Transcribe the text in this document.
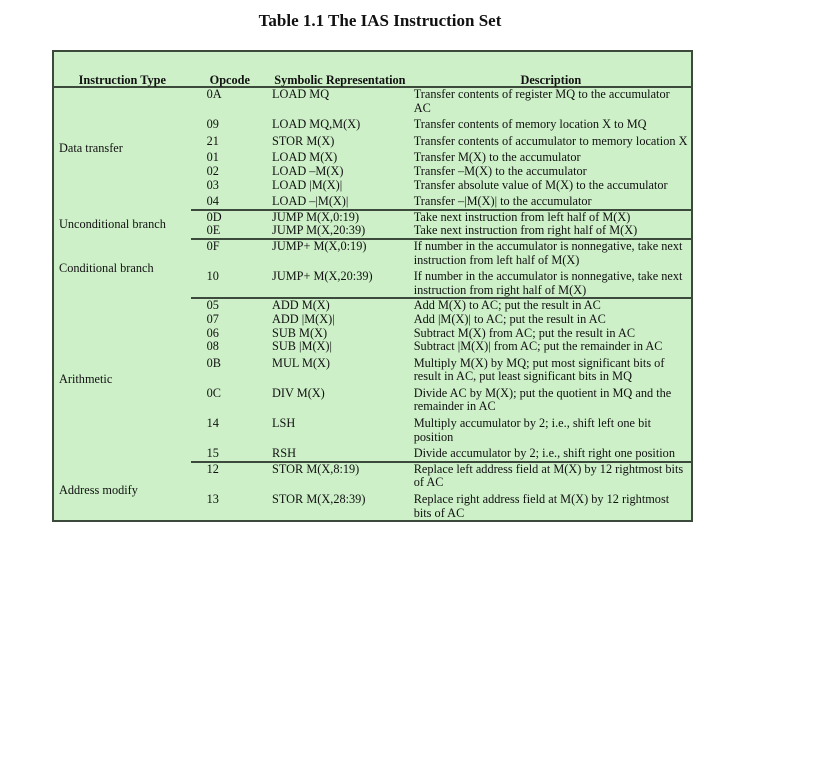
Table 1.1 The IAS Instruction Set
Instruction Type	Opcode	Symbolic Representation	Description
Data transfer	0A	LOAD MQ	Transfer contents of register MQ to the accumulator AC
	09	LOAD MQ,M(X)	Transfer contents of memory location X to MQ
	21	STOR M(X)	Transfer contents of accumulator to memory location X
	01	LOAD M(X)	Transfer M(X) to the accumulator
	02	LOAD –M(X)	Transfer –M(X) to the accumulator
	03	LOAD |M(X)|	Transfer absolute value of M(X) to the accumulator
	04	LOAD –|M(X)|	Transfer –|M(X)| to the accumulator
Unconditional branch	0D	JUMP M(X,0:19)	Take next instruction from left half of M(X)
	0E	JUMP M(X,20:39)	Take next instruction from right half of M(X)
Conditional branch	0F	JUMP+ M(X,0:19)	If number in the accumulator is nonnegative, take next instruction from left half of M(X)
	10	JUMP+ M(X,20:39)	If number in the accumulator is nonnegative, take next instruction from right half of M(X)
Arithmetic	05	ADD M(X)	Add M(X) to AC; put the result in AC
	07	ADD |M(X)|	Add |M(X)| to AC; put the result in AC
	06	SUB M(X)	Subtract M(X) from AC; put the result in AC
	08	SUB |M(X)|	Subtract |M(X)| from AC; put the remainder in AC
	0B	MUL M(X)	Multiply M(X) by MQ; put most significant bits of result in AC, put least significant bits in MQ
	0C	DIV M(X)	Divide AC by M(X); put the quotient in MQ and the remainder in AC
	14	LSH	Multiply accumulator by 2; i.e., shift left one bit position
	15	RSH	Divide accumulator by 2; i.e., shift right one position
Address modify	12	STOR M(X,8:19)	Replace left address field at M(X) by 12 rightmost bits of AC
	13	STOR M(X,28:39)	Replace right address field at M(X) by 12 rightmost bits of AC
